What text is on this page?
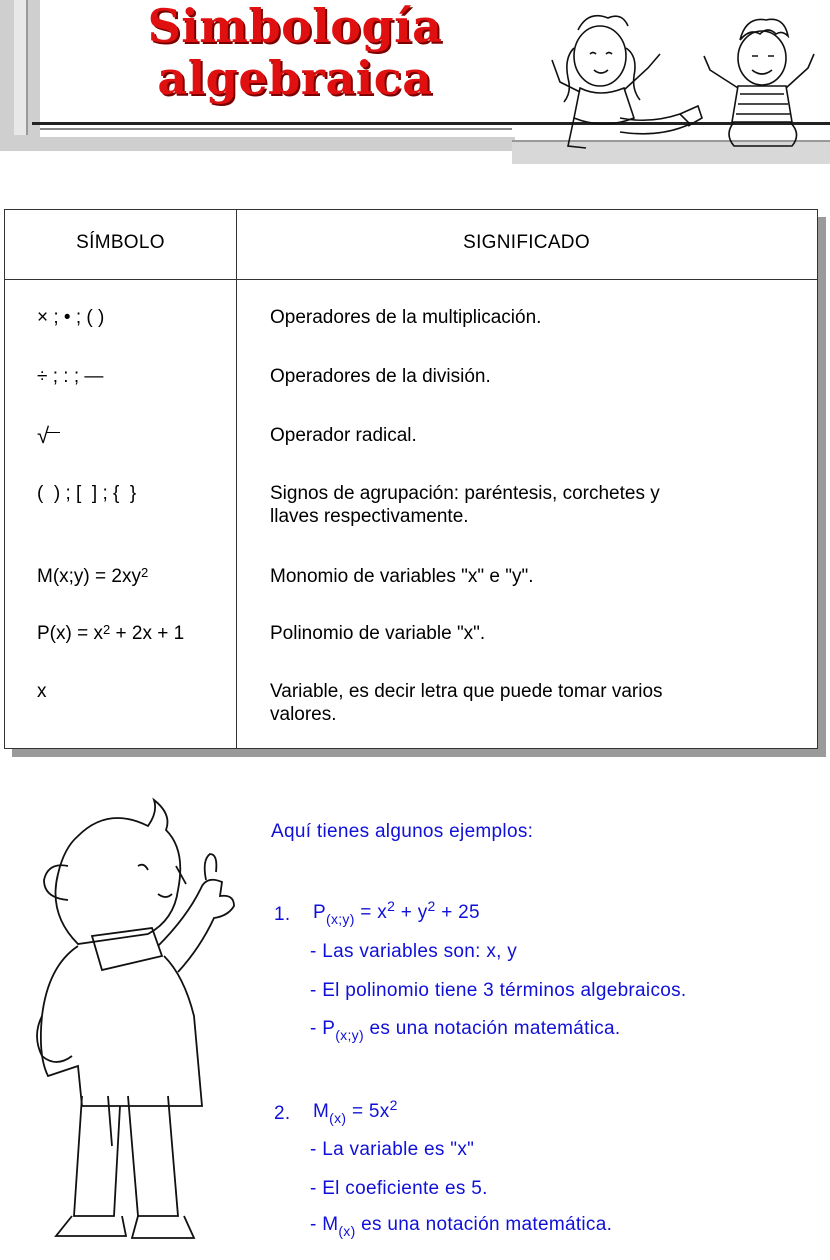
Simbología
algebraica
SÍMBOLO	SIGNIFICADO
× ; • ; ( )	Operadores de la multiplicación.
÷ ; : ; —	Operadores de la división.
√	Operador radical.
(  ) ; [  ] ; {  }	Signos de agrupación: paréntesis, corchetes y
llaves respectivamente.
M(x;y) = $2xy^2$	Monomio de variables "x" e "y".
$P(x) = x^2 + 2x + 1$	Polinomio de variable "x".
x	Variable, es decir letra que puede tomar varios
valores.
Aquí tienes algunos ejemplos:
1. $P_{(x;y)} = x^2 + y^2 + 25$
- Las variables son: x, y
- El polinomio tiene 3 términos algebraicos.
- $P_{(x;y)}$ es una notación matemática.
2. $M_{(x)} = 5x^2$
- La variable es "x"
- El coeficiente es 5.
- $M_{(x)}$ es una notación matemática.
